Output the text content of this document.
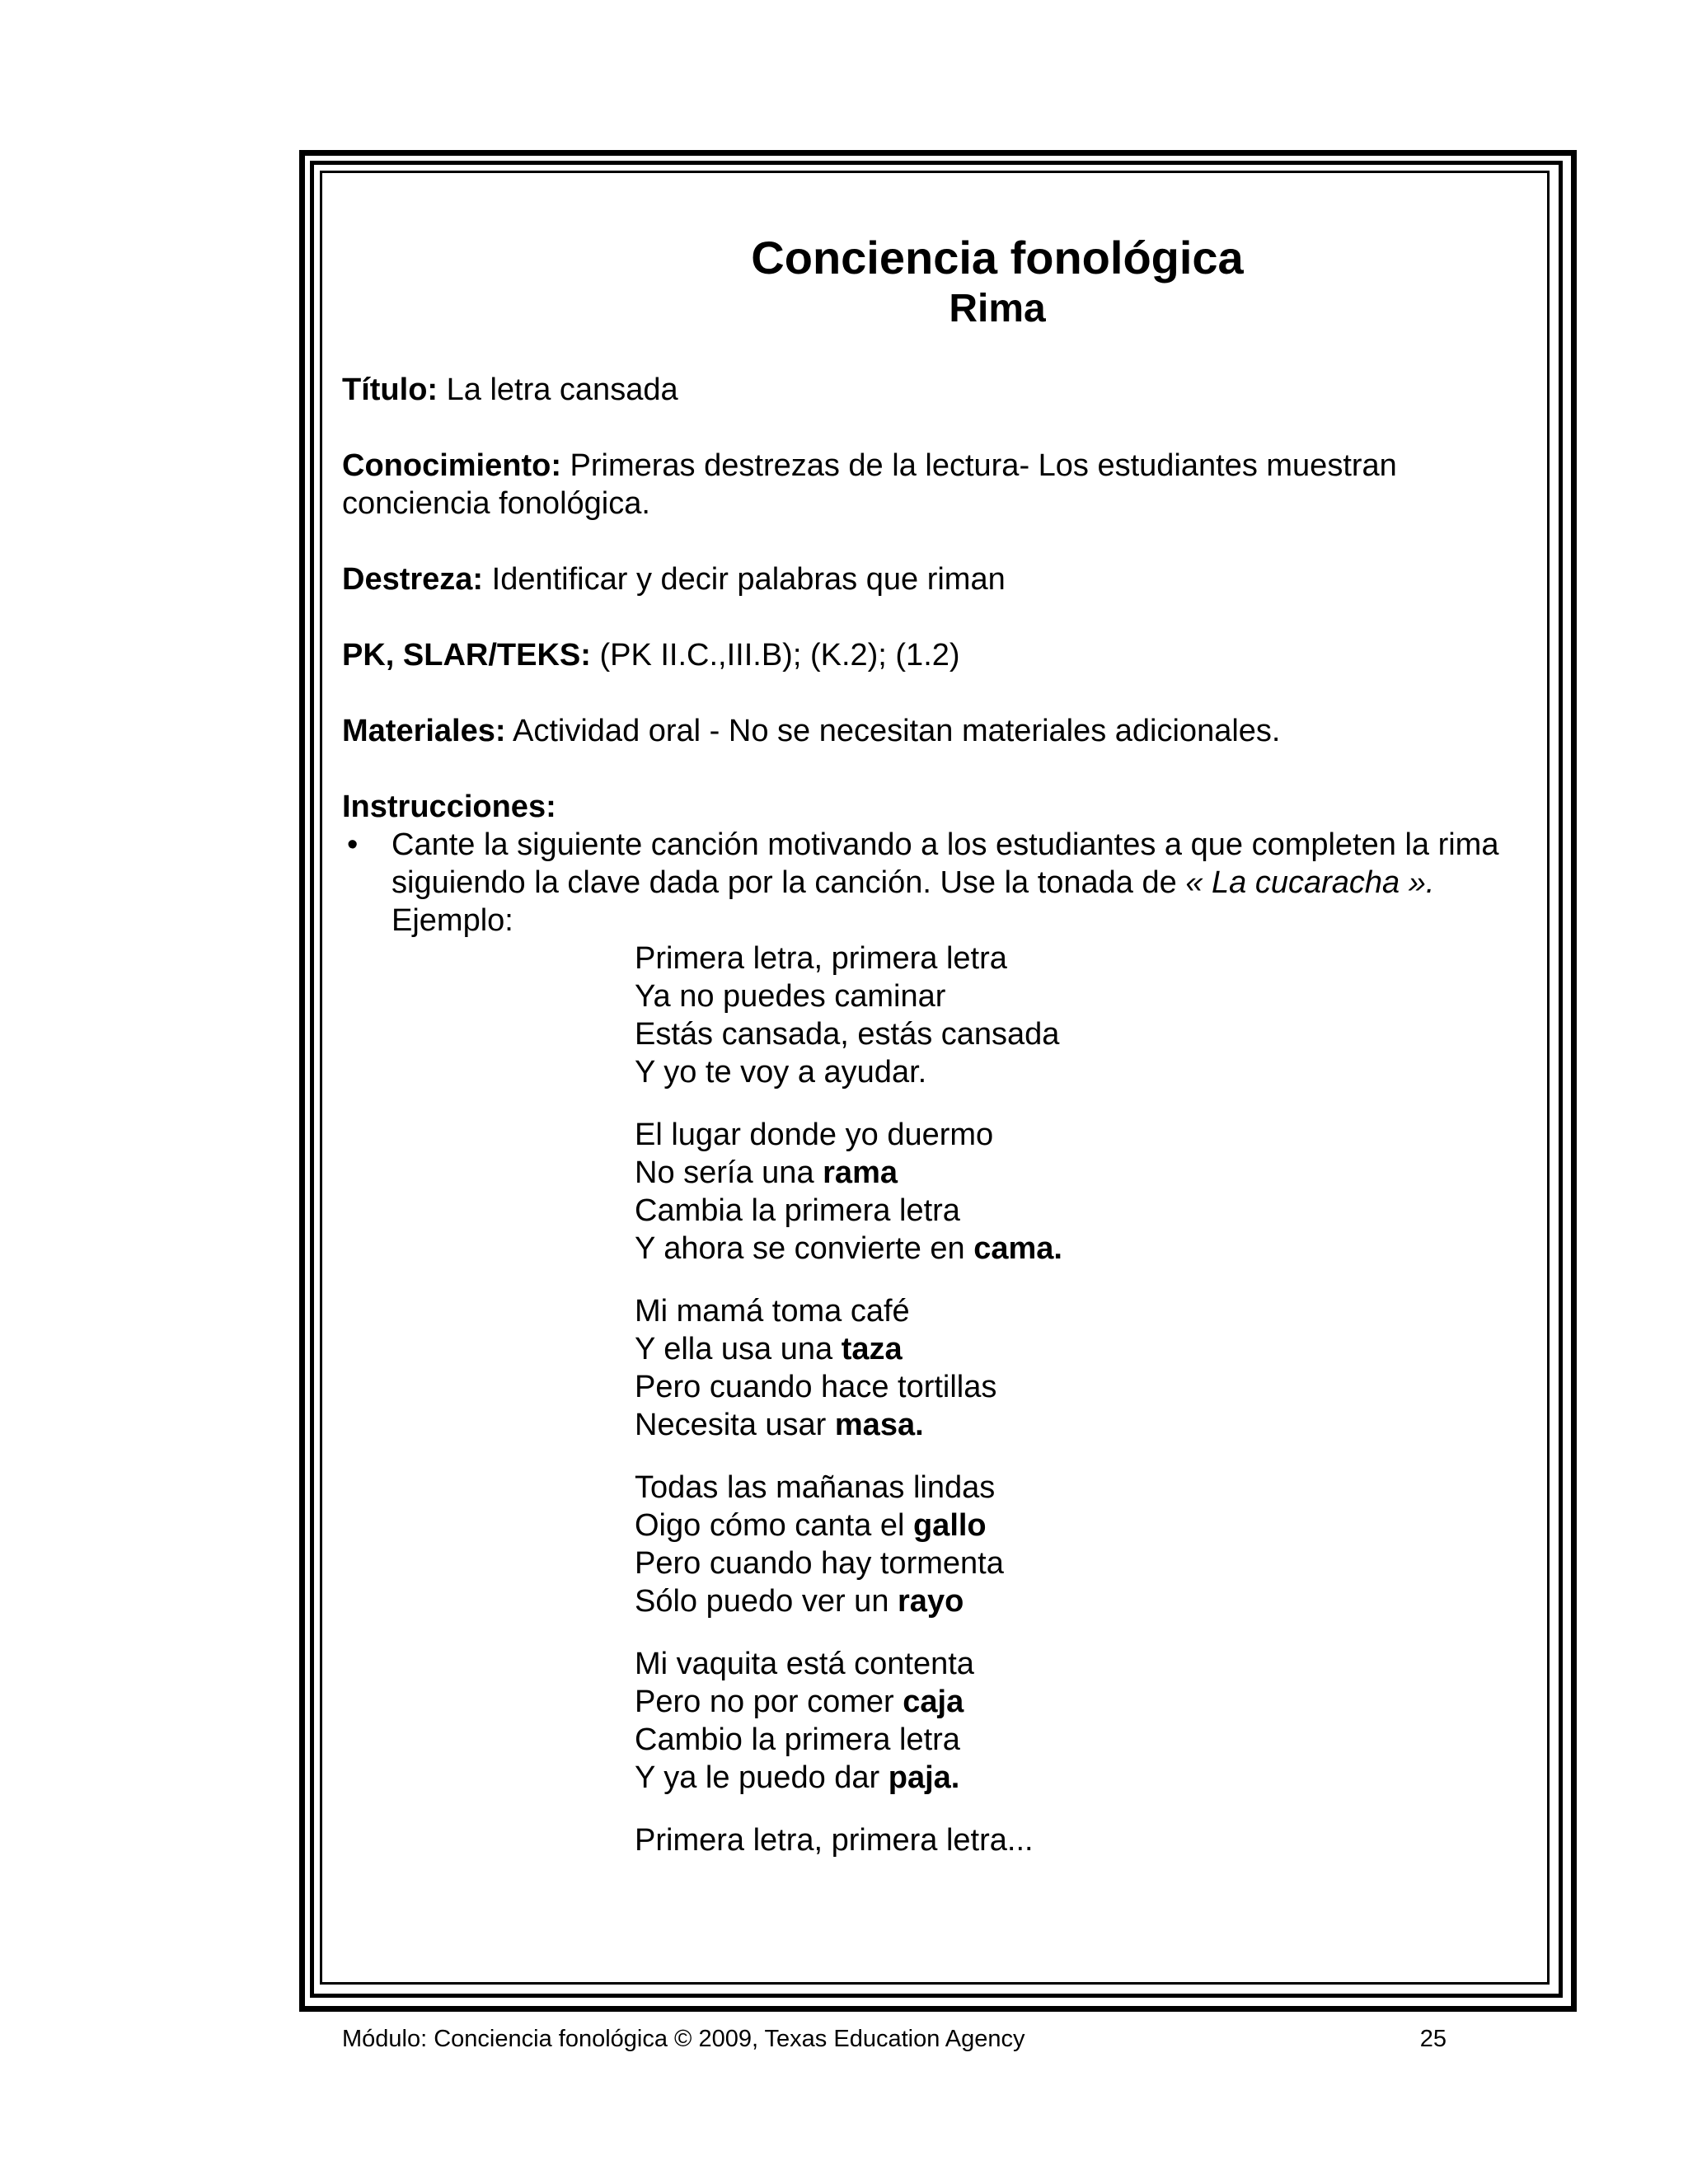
Conciencia fonológica
Rima

Título: La letra cansada

Conocimiento: Primeras destrezas de la lectura- Los estudiantes muestran conciencia fonológica.

Destreza: Identificar y decir palabras que riman

PK, SLAR/TEKS: (PK II.C.,III.B); (K.2); (1.2)

Materiales: Actividad oral - No se necesitan materiales adicionales.

Instrucciones:

• Cante la siguiente canción motivando a los estudiantes a que completen la rima siguiendo la clave dada por la canción. Use la tonada de « La cucaracha ». Ejemplo:

Primera letra, primera letra
Ya no puedes caminar
Estás cansada, estás cansada
Y yo te voy a ayudar.
El lugar donde yo duermo
No sería una rama
Cambia la primera letra
Y ahora se convierte en cama.
Mi mamá toma café
Y ella usa una taza
Pero cuando hace tortillas
Necesita usar masa.
Todas las mañanas lindas
Oigo cómo canta el gallo
Pero cuando hay tormenta
Sólo puedo ver un rayo
Mi vaquita está contenta
Pero no por comer caja
Cambio la primera letra
Y ya le puedo dar paja.
Primera letra, primera letra...
Módulo: Conciencia fonológica © 2009, Texas Education Agency	25
